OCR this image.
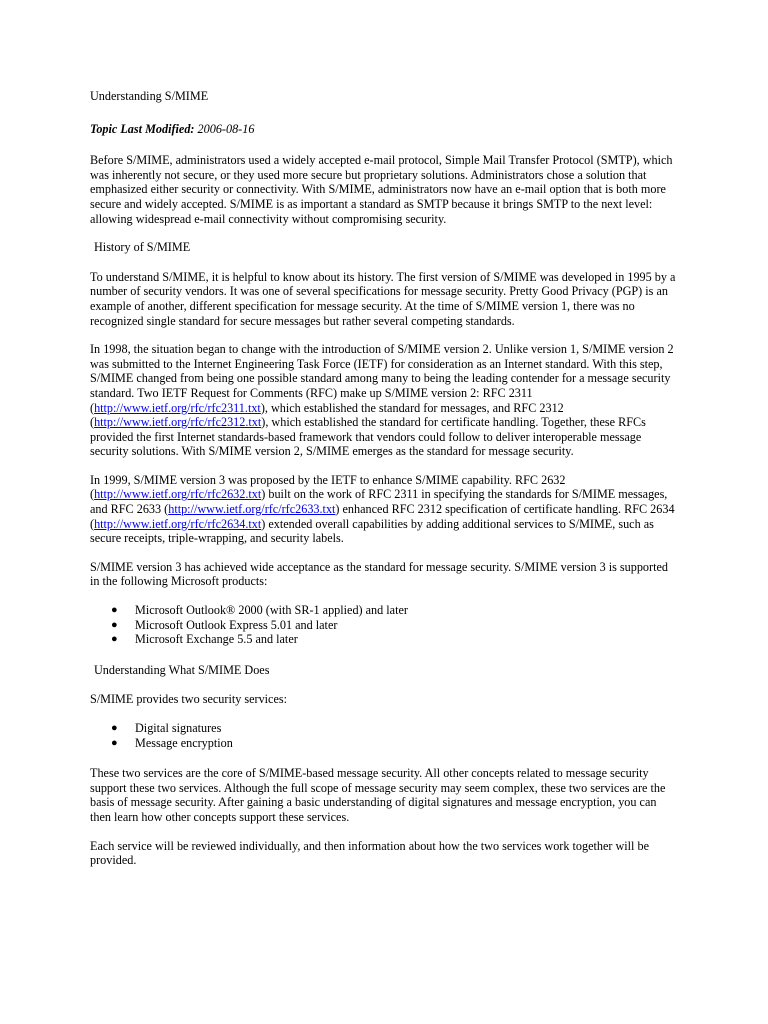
Understanding S/MIME

Topic Last Modified: 2006-08-16

Before S/MIME, administrators used a widely accepted e-mail protocol, Simple Mail Transfer Protocol (SMTP), which was inherently not secure, or they used more secure but proprietary solutions. Administrators chose a solution that emphasized either security or connectivity. With S/MIME, administrators now have an e-mail option that is both more secure and widely accepted. S/MIME is as important a standard as SMTP because it brings SMTP to the next level: allowing widespread e-mail connectivity without compromising security.

History of S/MIME

To understand S/MIME, it is helpful to know about its history. The first version of S/MIME was developed in 1995 by a number of security vendors. It was one of several specifications for message security. Pretty Good Privacy (PGP) is an example of another, different specification for message security. At the time of S/MIME version 1, there was no recognized single standard for secure messages but rather several competing standards.

In 1998, the situation began to change with the introduction of S/MIME version 2. Unlike version 1, S/MIME version 2 was submitted to the Internet Engineering Task Force (IETF) for consideration as an Internet standard. With this step, S/MIME changed from being one possible standard among many to being the leading contender for a message security standard. Two IETF Request for Comments (RFC) make up S/MIME version 2: RFC 2311 (http://www.ietf.org/rfc/rfc2311.txt), which established the standard for messages, and RFC 2312 (http://www.ietf.org/rfc/rfc2312.txt), which established the standard for certificate handling. Together, these RFCs provided the first Internet standards-based framework that vendors could follow to deliver interoperable message security solutions. With S/MIME version 2, S/MIME emerges as the standard for message security.

In 1999, S/MIME version 3 was proposed by the IETF to enhance S/MIME capability. RFC 2632 (http://www.ietf.org/rfc/rfc2632.txt) built on the work of RFC 2311 in specifying the standards for S/MIME messages, and RFC 2633 (http://www.ietf.org/rfc/rfc2633.txt) enhanced RFC 2312 specification of certificate handling. RFC 2634 (http://www.ietf.org/rfc/rfc2634.txt) extended overall capabilities by adding additional services to S/MIME, such as secure receipts, triple-wrapping, and security labels.

S/MIME version 3 has achieved wide acceptance as the standard for message security. S/MIME version 3 is supported in the following Microsoft products:

● Microsoft Outlook® 2000 (with SR-1 applied) and later
● Microsoft Outlook Express 5.01 and later
● Microsoft Exchange 5.5 and later

Understanding What S/MIME Does

S/MIME provides two security services:

● Digital signatures
● Message encryption

These two services are the core of S/MIME-based message security. All other concepts related to message security support these two services. Although the full scope of message security may seem complex, these two services are the basis of message security. After gaining a basic understanding of digital signatures and message encryption, you can then learn how other concepts support these services.

Each service will be reviewed individually, and then information about how the two services work together will be provided.
